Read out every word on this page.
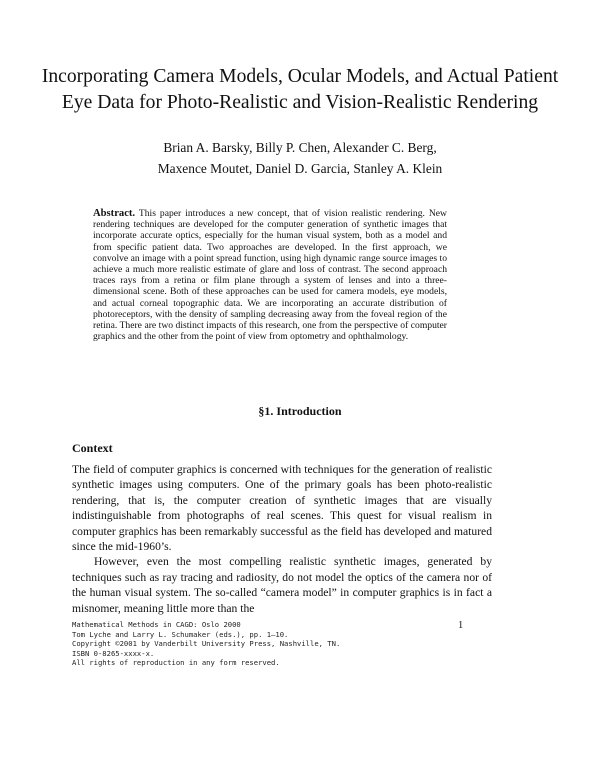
Incorporating Camera Models, Ocular Models, and Actual Patient
Eye Data for Photo-Realistic and Vision-Realistic Rendering
Brian A. Barsky, Billy P. Chen, Alexander C. Berg,
Maxence Moutet, Daniel D. Garcia, Stanley A. Klein
Abstract. This paper introduces a new concept, that of vision realistic rendering. New rendering techniques are developed for the computer generation of synthetic images that incorporate accurate optics, especially for the human visual system, both as a model and from specific patient data. Two approaches are developed. In the first approach, we convolve an image with a point spread function, using high dynamic range source images to achieve a much more realistic estimate of glare and loss of contrast. The second approach traces rays from a retina or film plane through a system of lenses and into a three-dimensional scene. Both of these approaches can be used for camera models, eye models, and actual corneal topographic data. We are incorporating an accurate distribution of photoreceptors, with the density of sampling decreasing away from the foveal region of the retina. There are two distinct impacts of this research, one from the perspective of computer graphics and the other from the point of view from optometry and ophthalmology.
§1. Introduction
Context

The field of computer graphics is concerned with techniques for the generation of realistic synthetic images using computers. One of the primary goals has been photo-realistic rendering, that is, the computer creation of synthetic images that are visually indistinguishable from photographs of real scenes. This quest for visual realism in computer graphics has been remarkably successful as the field has developed and matured since the mid-1960’s.

However, even the most compelling realistic synthetic images, generated by techniques such as ray tracing and radiosity, do not model the optics of the camera nor of the human visual system. The so-called “camera model” in computer graphics is in fact a misnomer, meaning little more than the

Mathematical Methods in CAGD: Oslo 2000
Tom Lyche and Larry L. Schumaker (eds.), pp. 1–10.
Copyright ©2001 by Vanderbilt University Press, Nashville, TN.
ISBN 0-8265-xxxx-x.
All rights of reproduction in any form reserved.
1
